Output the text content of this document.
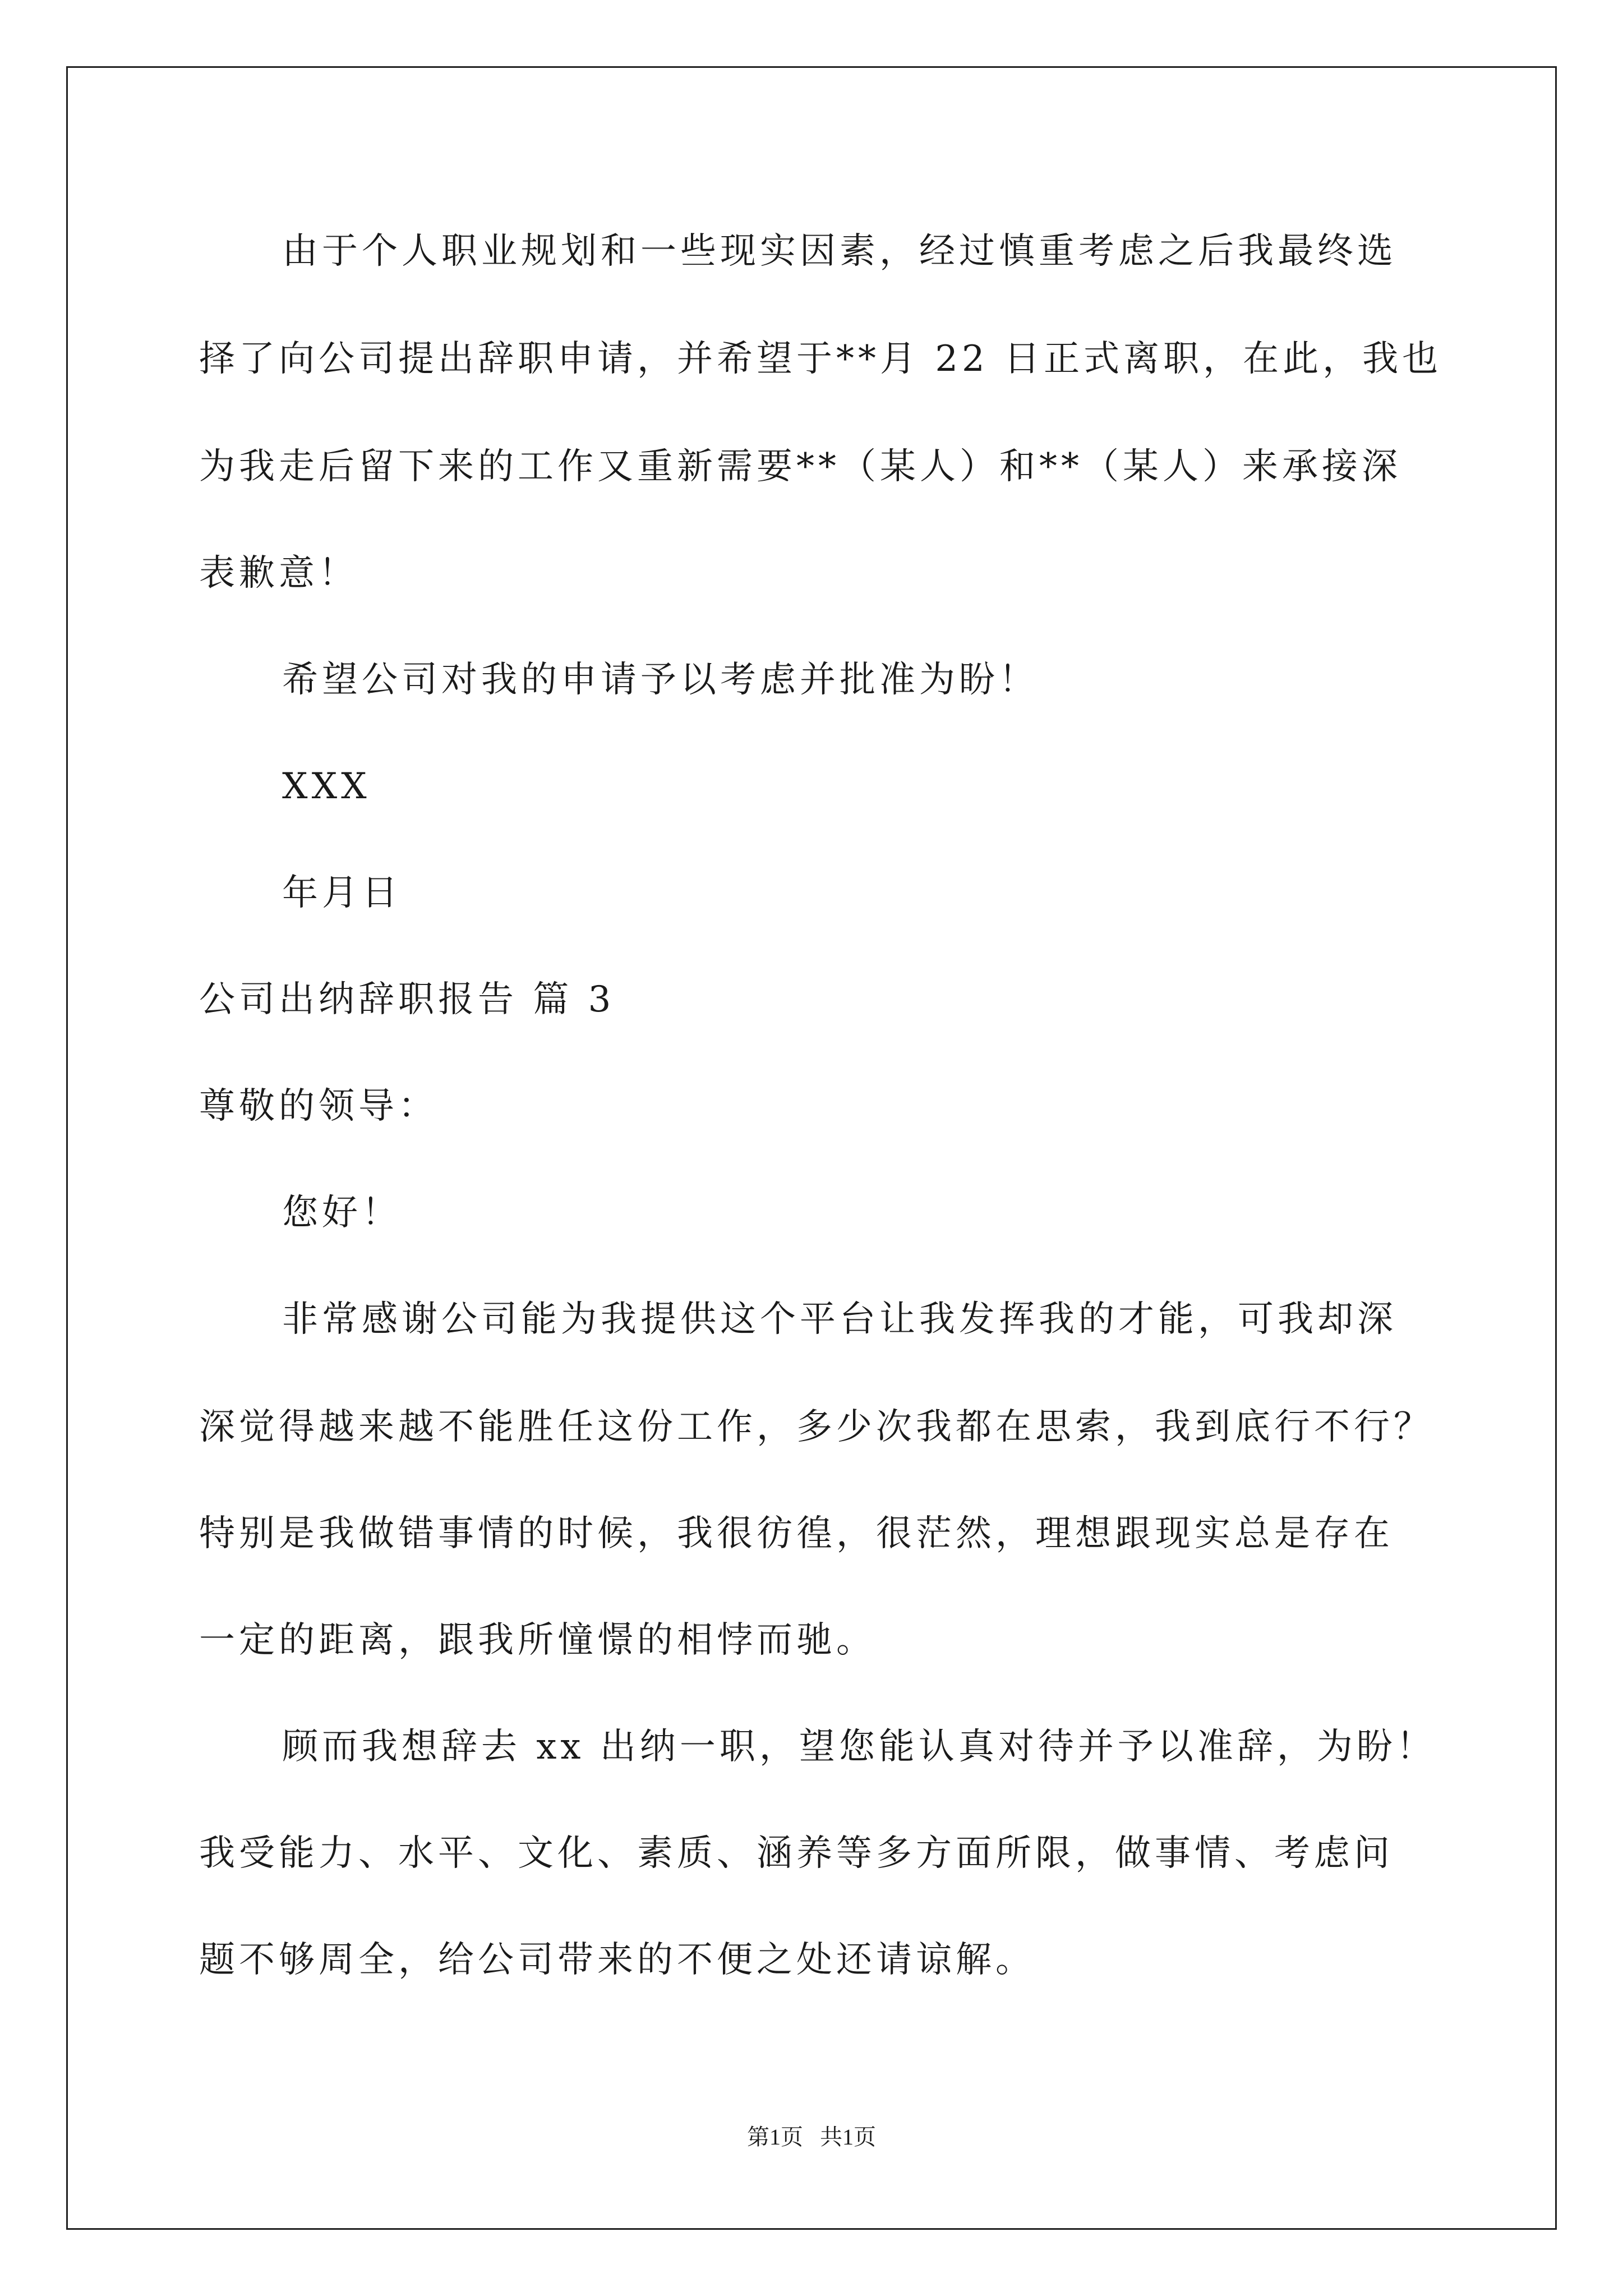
由于个人职业规划和一些现实因素，经过慎重考虑之后我最终选
择了向公司提出辞职申请，并希望于**月 22 日正式离职，在此，我也
为我走后留下来的工作又重新需要**（某人）和**（某人）来承接深
表歉意！
希望公司对我的申请予以考虑并批准为盼！
XXX
年月日
公司出纳辞职报告 篇 3
尊敬的领导：
您好！
非常感谢公司能为我提供这个平台让我发挥我的才能，可我却深
深觉得越来越不能胜任这份工作，多少次我都在思索，我到底行不行？
特别是我做错事情的时候，我很彷徨，很茫然，理想跟现实总是存在
一定的距离，跟我所憧憬的相悖而驰。
顾而我想辞去 xx 出纳一职，望您能认真对待并予以准辞，为盼！
我受能力、水平、文化、素质、涵养等多方面所限，做事情、考虑问
题不够周全，给公司带来的不便之处还请谅解。
第1页   共1页
